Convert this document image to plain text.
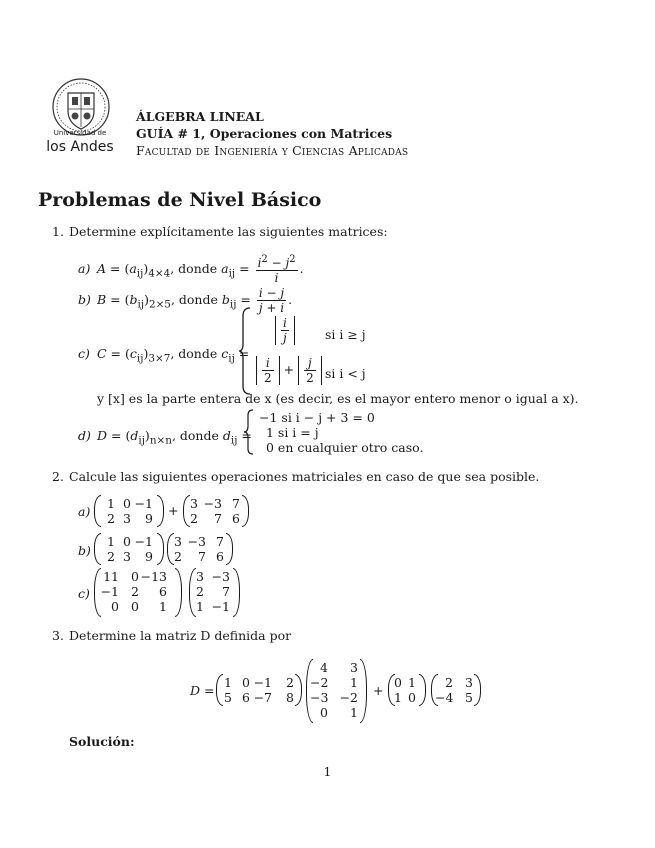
Universidad de
los Andes
ÁLGEBRA LINEAL
GUÍA # 1, Operaciones con Matrices
Facultad de Ingeniería y Ciencias Aplicadas
Problemas de Nivel Básico
1. Determine explícitamente las siguientes matrices:
a) $A = (a_{ij})_{4\times 4}$, donde $a_{ij} = \frac{i^2 - j^2}{i}$ .
b) $B = (b_{ij})_{2\times 5}$, donde $b_{ij} = \frac{i - j}{j + i}$ .
c) $C = (c_{ij})_{3\times 7}$, donde $c_{ij}$ =
$\frac{i}{j}$	si i ≥ j
$\frac{i}{2} + \frac{j}{2}$ si i < j
y [x] es la parte entera de x (es decir, es el mayor entero menor o igual a x).
d) $D = (d_{ij})_{n\times n}$, donde $d_{ij}$ =
−1 si i − j + 3 = 0
1 si i = j
0 en cualquier otro caso.
2. Calcule las siguientes operaciones matriciales en caso de que sea posible.
a)
1 0 −1
2 3	9
+ 3 −3 7
2	7 6
b)
1 0 −1
2 3	9
3 −3 7
2	7 6
c)
11 0 −13
−1 2	6
0 0	1
3 −3
2	7
1 −1
3. Determine la matriz D definida por
D =
1 0 −1	2
5 6 −7	8
4	3
−2	1
−3 −2
0	1
+
0 1
1 0
2 3
−4 5
Solución:
1
